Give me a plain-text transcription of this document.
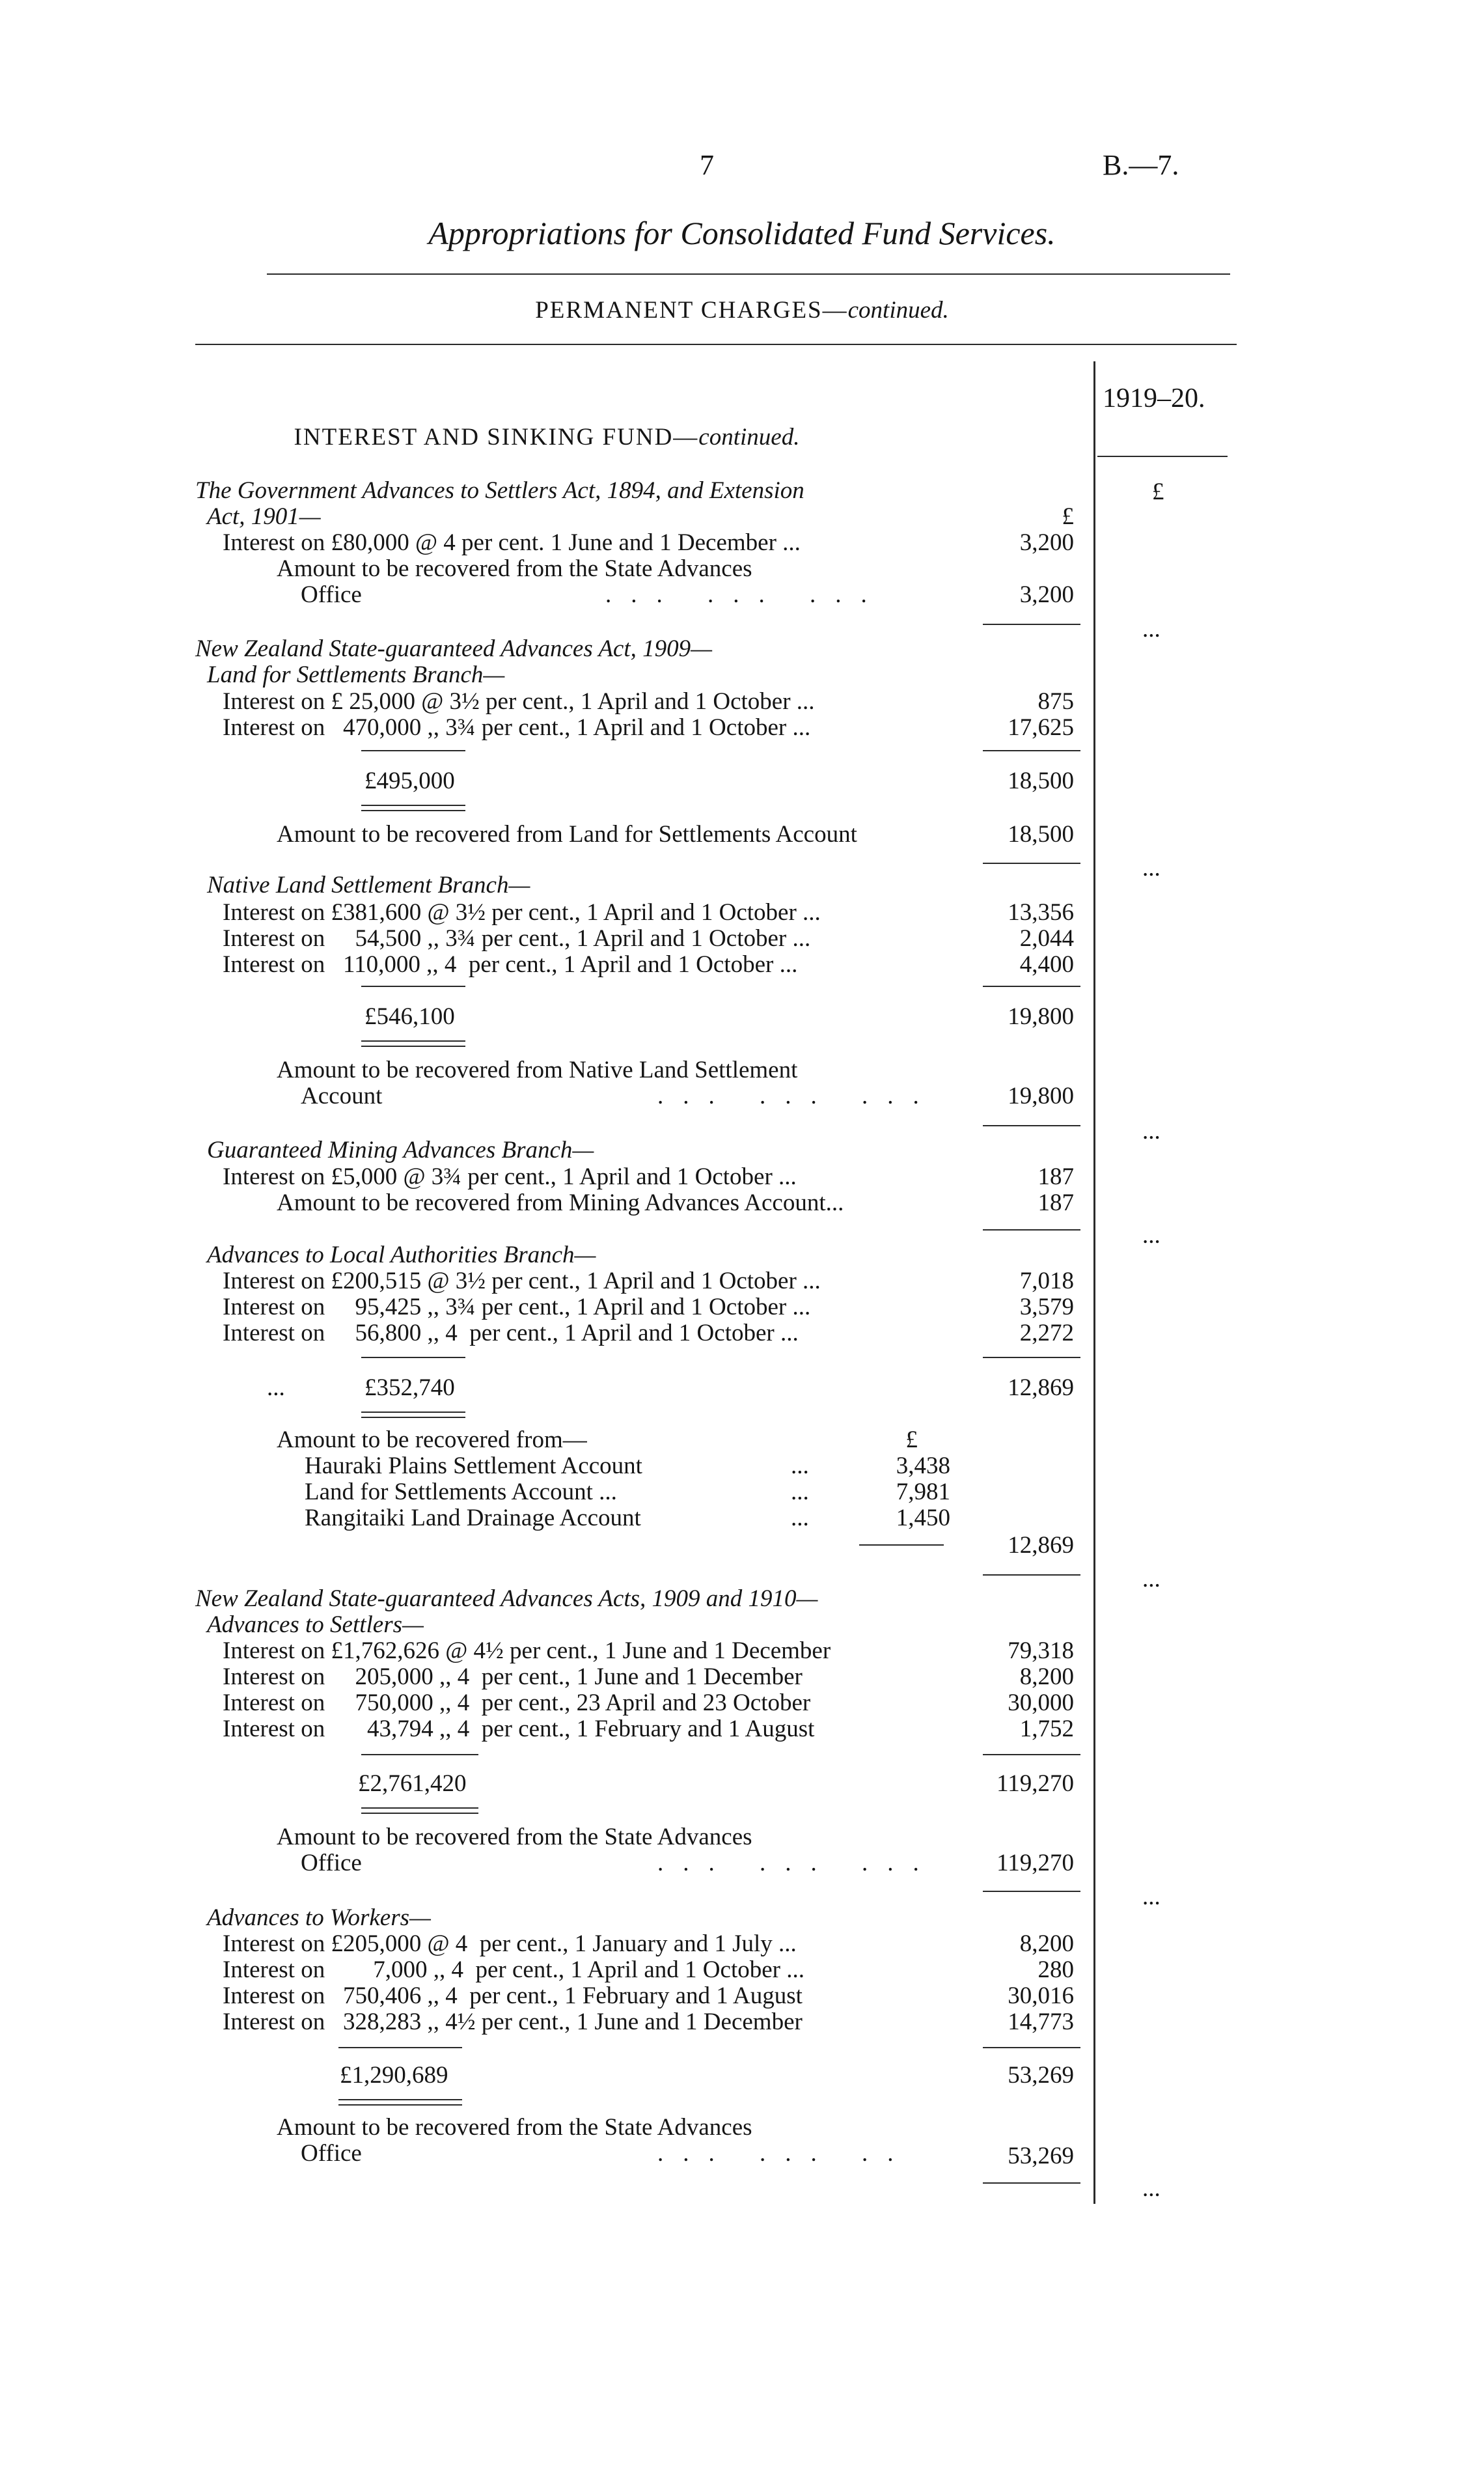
7	B.—7.
Appropriations for Consolidated Fund Services.
PERMANENT CHARGES—continued.
1919–20.
£
INTEREST AND SINKING FUND—continued.
The Government Advances to Settlers Act, 1894, and Extension
Act, 1901—	£
Interest on £80,000 @ 4 per cent. 1 June and 1 December ...	3,200
Amount to be recovered from the State Advances
Office	... ... ...	3,200
...
New Zealand State-guaranteed Advances Act, 1909—
Land for Settlements Branch—
Interest on £ 25,000 @ 3½ per cent., 1 April and 1 October ...	875
Interest on   470,000 ,, 3¾ per cent., 1 April and 1 October ...	17,625
£495,000	18,500
Amount to be recovered from Land for Settlements Account	18,500
...
Native Land Settlement Branch—
Interest on £381,600 @ 3½ per cent., 1 April and 1 October ...	13,356
Interest on     54,500 ,, 3¾ per cent., 1 April and 1 October ...	2,044
Interest on   110,000 ,, 4  per cent., 1 April and 1 October ...	4,400
£546,100	19,800
Amount to be recovered from Native Land Settlement
Account	... ... ...	19,800
...
Guaranteed Mining Advances Branch—
Interest on £5,000 @ 3¾ per cent., 1 April and 1 October ...	187
Amount to be recovered from Mining Advances Account...	187
...
Advances to Local Authorities Branch—
Interest on £200,515 @ 3½ per cent., 1 April and 1 October ...	7,018
Interest on     95,425 ,, 3¾ per cent., 1 April and 1 October ...	3,579
Interest on     56,800 ,, 4  per cent., 1 April and 1 October ...	2,272
...	£352,740	12,869
Amount to be recovered from—	£
Hauraki Plains Settlement Account	...	3,438
Land for Settlements Account ...	...	7,981
Rangitaiki Land Drainage Account	...	1,450
12,869
...
New Zealand State-guaranteed Advances Acts, 1909 and 1910—
Advances to Settlers—
Interest on £1,762,626 @ 4½ per cent., 1 June and 1 December	79,318
Interest on     205,000 ,, 4  per cent., 1 June and 1 December	8,200
Interest on     750,000 ,, 4  per cent., 23 April and 23 October	30,000
Interest on       43,794 ,, 4  per cent., 1 February and 1 August	1,752
£2,761,420	119,270
Amount to be recovered from the State Advances
Office	... ... ...	119,270
...
Advances to Workers—
Interest on £205,000 @ 4  per cent., 1 January and 1 July ...	8,200
Interest on        7,000 ,, 4  per cent., 1 April and 1 October ...	280
Interest on   750,406 ,, 4  per cent., 1 February and 1 August	30,016
Interest on   328,283 ,, 4½ per cent., 1 June and 1 December	14,773
£1,290,689	53,269
Amount to be recovered from the State Advances
Office	... ... ..	53,269
...
